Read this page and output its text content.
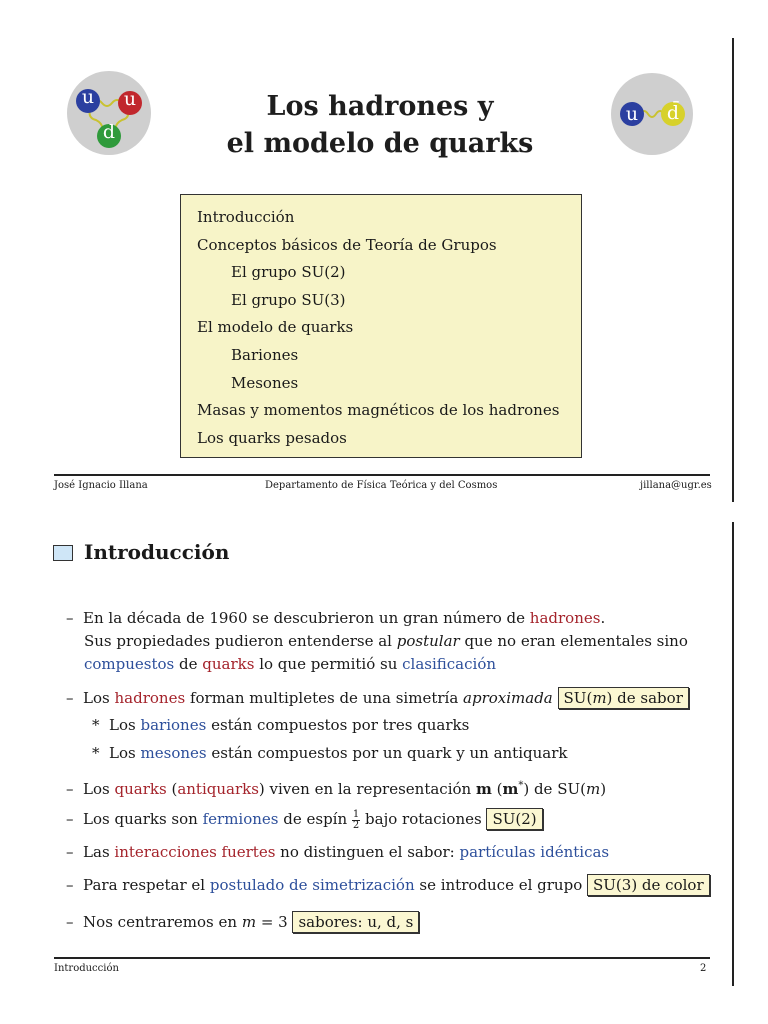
u u
d
u d̄
Los hadrones y
el modelo de quarks
Introducción
Conceptos básicos de Teoría de Grupos
El grupo SU(2)
El grupo SU(3)
El modelo de quarks
Bariones
Mesones
Masas y momentos magnéticos de los hadrones
Los quarks pesados
José Ignacio Illana	Departamento de Física Teórica y del Cosmos	jillana@ugr.es
Introducción
– En la década de 1960 se descubrieron un gran número de hadrones.
Sus propiedades pudieron entenderse al postular que no eran elementales sino
compuestos de quarks lo que permitió su clasificación
– Los hadrones forman multipletes de una simetría aproximada SU(m) de sabor
* Los bariones están compuestos por tres quarks
* Los mesones están compuestos por un quark y un antiquark
– Los quarks (antiquarks) viven en la representación m (m*) de SU(m)
– Los quarks son fermiones de espín $\frac{1}{2}$ bajo rotaciones SU(2)
– Las interacciones fuertes no distinguen el sabor: partículas idénticas
– Para respetar el postulado de simetrización se introduce el grupo SU(3) de color
– Nos centraremos en m = 3 sabores: u, d, s
Introducción	2
